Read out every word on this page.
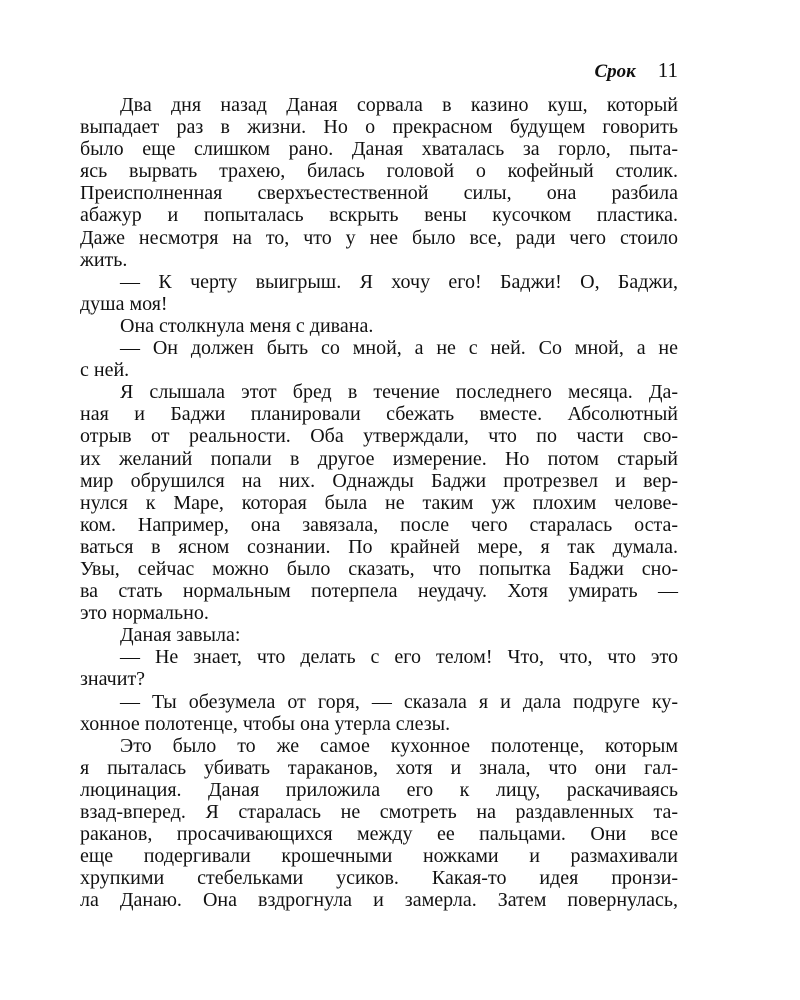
Срок 11
Два дня назад Даная сорвала в казино куш, который
выпадает раз в жизни. Но о прекрасном будущем говорить
было еще слишком рано. Даная хваталась за горло, пыта-
ясь вырвать трахею, билась головой о кофейный столик.
Преисполненная сверхъестественной силы, она разбила
абажур и попыталась вскрыть вены кусочком пластика.
Даже несмотря на то, что у нее было все, ради чего стоило
жить.
— К черту выигрыш. Я хочу его! Баджи! О, Баджи,
душа моя!
Она столкнула меня с дивана.
— Он должен быть со мной, а не с ней. Со мной, а не
с ней.
Я слышала этот бред в течение последнего месяца. Да-
ная и Баджи планировали сбежать вместе. Абсолютный
отрыв от реальности. Оба утверждали, что по части сво-
их желаний попали в другое измерение. Но потом старый
мир обрушился на них. Однажды Баджи протрезвел и вер-
нулся к Маре, которая была не таким уж плохим челове-
ком. Например, она завязала, после чего старалась оста-
ваться в ясном сознании. По крайней мере, я так думала.
Увы, сейчас можно было сказать, что попытка Баджи сно-
ва стать нормальным потерпела неудачу. Хотя умирать —
это нормально.
Даная завыла:
— Не знает, что делать с его телом! Что, что, что это
значит?
— Ты обезумела от горя, — сказала я и дала подруге ку-
хонное полотенце, чтобы она утерла слезы.
Это было то же самое кухонное полотенце, которым
я пыталась убивать тараканов, хотя и знала, что они гал-
люцинация. Даная приложила его к лицу, раскачиваясь
взад-вперед. Я старалась не смотреть на раздавленных та-
раканов, просачивающихся между ее пальцами. Они все
еще подергивали крошечными ножками и размахивали
хрупкими стебельками усиков. Какая-то идея пронзи-
ла Данаю. Она вздрогнула и замерла. Затем повернулась,
